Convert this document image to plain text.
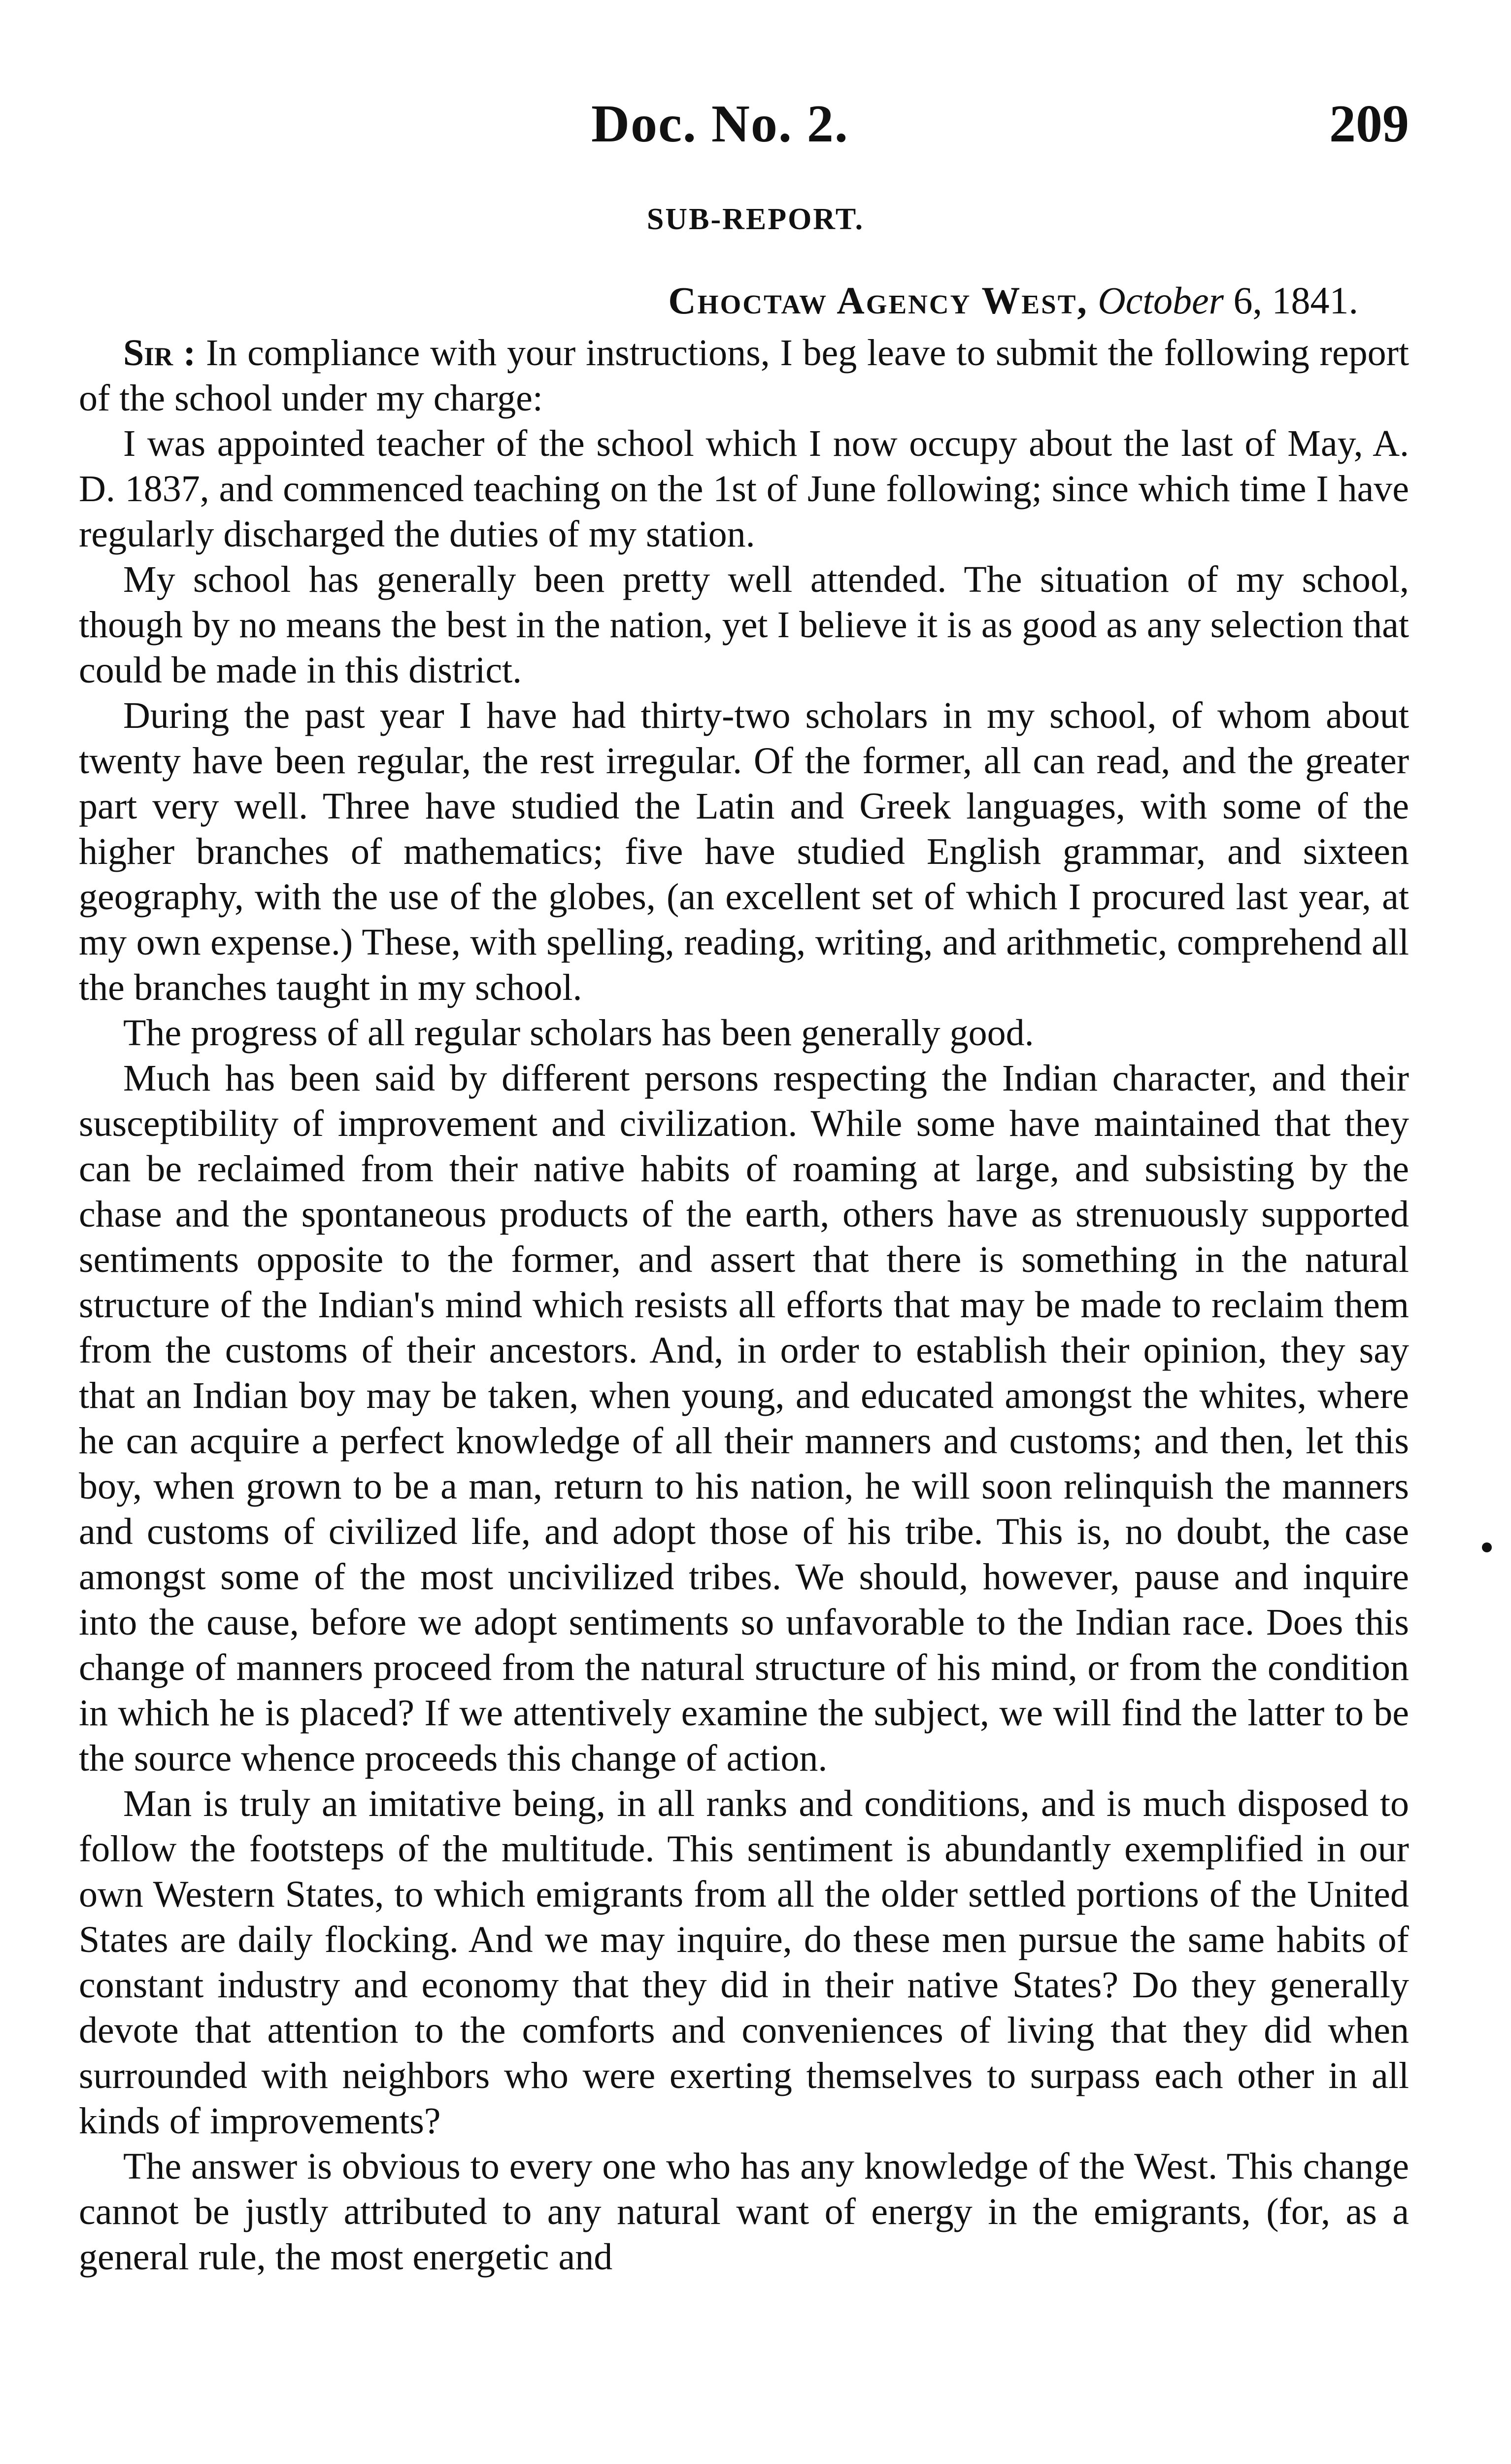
Doc. No. 2.	209
SUB-REPORT.
Choctaw Agency West, October 6, 1841.

Sir : In compliance with your instructions, I beg leave to submit the following report of the school under my charge:

I was appointed teacher of the school which I now occupy about the last of May, A. D. 1837, and commenced teaching on the 1st of June following; since which time I have regularly discharged the duties of my station.

My school has generally been pretty well attended. The situation of my school, though by no means the best in the nation, yet I believe it is as good as any selection that could be made in this district.

During the past year I have had thirty-two scholars in my school, of whom about twenty have been regular, the rest irregular. Of the former, all can read, and the greater part very well. Three have studied the Latin and Greek languages, with some of the higher branches of mathematics; five have studied English grammar, and sixteen geography, with the use of the globes, (an excellent set of which I procured last year, at my own expense.) These, with spelling, reading, writing, and arithmetic, comprehend all the branches taught in my school.

The progress of all regular scholars has been generally good.

Much has been said by different persons respecting the Indian character, and their susceptibility of improvement and civilization. While some have maintained that they can be reclaimed from their native habits of roaming at large, and subsisting by the chase and the spontaneous products of the earth, others have as strenuously supported sentiments opposite to the former, and assert that there is something in the natural structure of the Indian's mind which resists all efforts that may be made to reclaim them from the customs of their ancestors. And, in order to establish their opinion, they say that an Indian boy may be taken, when young, and educated amongst the whites, where he can acquire a perfect knowledge of all their manners and customs; and then, let this boy, when grown to be a man, return to his nation, he will soon relinquish the manners and customs of civilized life, and adopt those of his tribe. This is, no doubt, the case amongst some of the most uncivilized tribes. We should, however, pause and inquire into the cause, before we adopt sentiments so unfavorable to the Indian race. Does this change of manners proceed from the natural structure of his mind, or from the condition in which he is placed? If we attentively examine the subject, we will find the latter to be the source whence proceeds this change of action.

Man is truly an imitative being, in all ranks and conditions, and is much disposed to follow the footsteps of the multitude. This sentiment is abundantly exemplified in our own Western States, to which emigrants from all the older settled portions of the United States are daily flocking. And we may inquire, do these men pursue the same habits of constant industry and economy that they did in their native States? Do they generally devote that attention to the comforts and conveniences of living that they did when surrounded with neighbors who were exerting themselves to surpass each other in all kinds of improvements?

The answer is obvious to every one who has any knowledge of the West. This change cannot be justly attributed to any natural want of energy in the emigrants, (for, as a general rule, the most energetic and
